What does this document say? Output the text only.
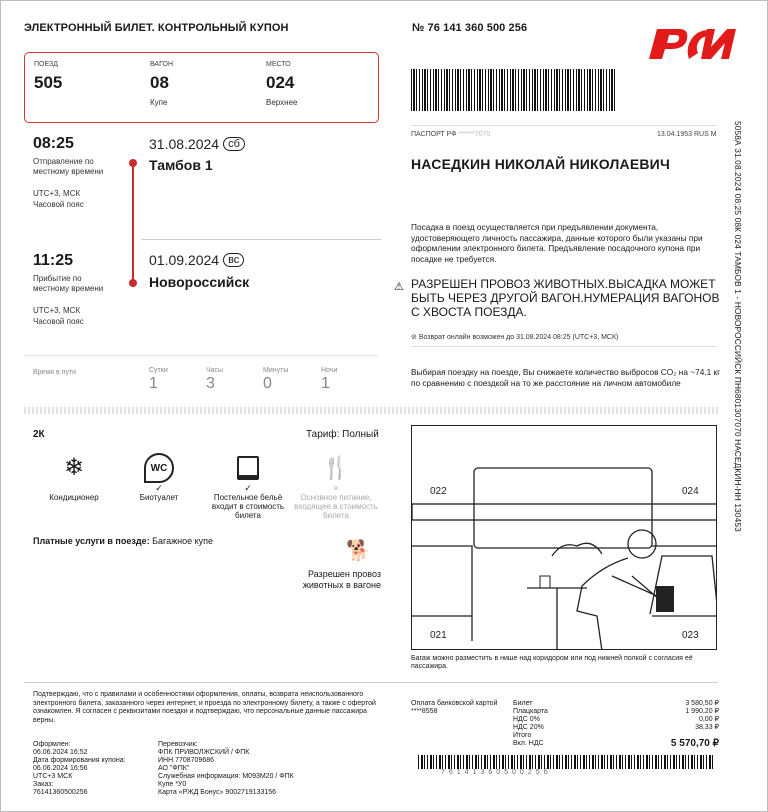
ЭЛЕКТРОННЫЙ БИЛЕТ. КОНТРОЛЬНЫЙ КУПОН	№ 76 141 360 500 256
РЖД
ПОЕЗД
505
ВАГОН
08
Купе
МЕСТО
024
Верхнее
08:25
Отправление по местному времени
UTC+3, МСК
Часовой пояс
31.08.2024 сб
Тамбов 1
11:25
Прибытие по местному времени
UTC+3, МСК
Часовой пояс
01.09.2024 вс
Новороссийск
Время в пути	Сутки
1
Часы
3
Минуты
0
Ночи
1
ПАСПОРТ РФ ******7070	13.04.1953 RUS M
НАСЕДКИН НИКОЛАЙ НИКОЛАЕВИЧ
Посадка в поезд осуществляется при предъявлении документа, удостоверяющего личность пассажира, данные которого были указаны при оформлении электронного билета. Предъявление посадочного купона при посадке не требуется.
⚠ РАЗРЕШЕН ПРОВОЗ ЖИВОТНЫХ.ВЫСАДКА МОЖЕТ БЫТЬ ЧЕРЕЗ ДРУГОЙ ВАГОН.НУМЕРАЦИЯ ВАГОНОВ С ХВОСТА ПОЕЗДА.
⊘ Возврат онлайн возможен до 31.08.2024 08:25 (UTC+3, МСК)
Выбирая поездку на поезде, Вы снижаете количество выбросов CO₂ на ~74.1 кг по сравнению с поездкой на то же расстояние на личном автомобиле	5058А 31.08.2024 08:25 08К 024 ТАМБОВ 1 - НОВОРОССИЙСК ПН6801307070 НАСЕДКИН-НН 130453
2К	Тариф: Полный
❄
Кондиционер
WC
✓
Биотуалет
✓
Постельное бельё входит в стоимость билета
🍴
×
Основное питание, входящее в стоимость билета
Платные услуги в поезде: Багажное купе	🐕
Разрешен провоз животных в вагоне
022	024
021	023
Багаж можно разместить в нише над коридором или под нижней полкой с согласия её пассажира.
Подтверждаю, что с правилами и особенностями оформления, оплаты, возврата неиспользованного электронного билета, заказанного через интернет, и проезда по электронному билету, а также с офертой ознакомлен. Я согласен с реквизитами поездки и подтверждаю, что персональные данные пассажира верны.
Оформлен:
06.06.2024 16:52
Дата формирования купона:
06.06.2024 16:56
UTC+3 МСК
Заказ:
76141360500256
Перевозчик:
ФПК ПРИВОЛЖСКИЙ / ФПК
ИНН 7708709686
АО "ФПК"
Служебная информация: М093М20 / ФПК
Купе *У0
Карта «РЖД Бонус» 9002719133156
Оплата банковской картой
****8558
Билет	3 580,50 ₽
Плацкарта	1 990,20 ₽
НДС 0%	0,00 ₽
НДС 20%	38,33 ₽
Итого
Вкл. НДС	5 570,70 ₽
7614136050025б
